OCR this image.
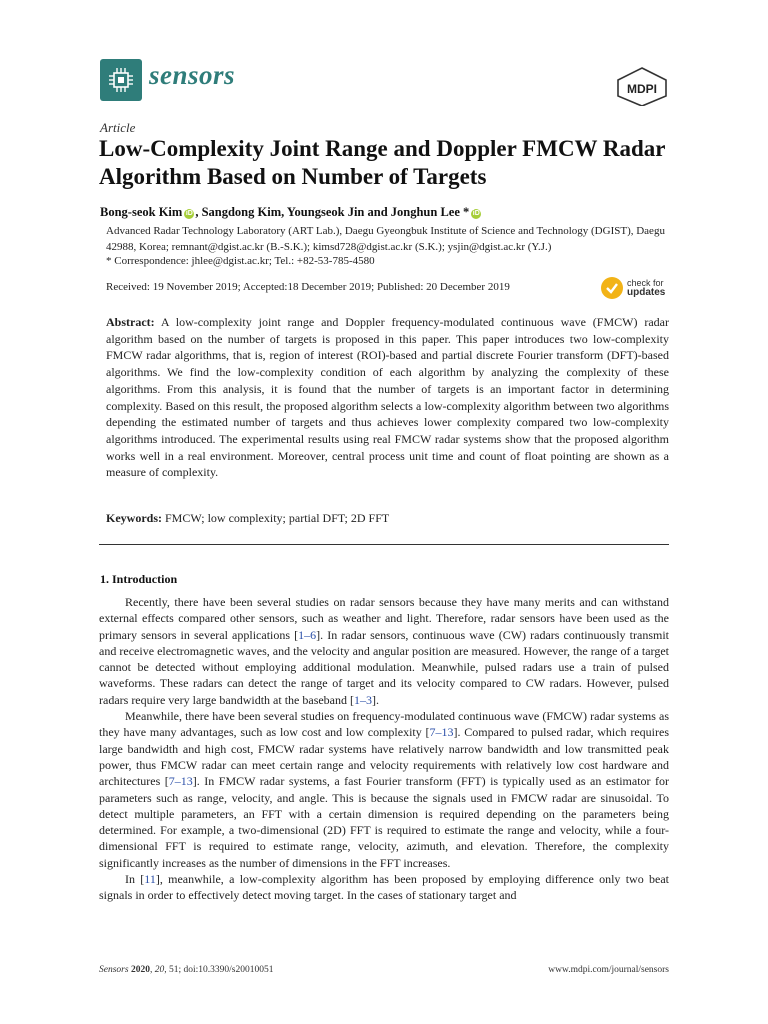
sensors	MDPI
Article
Low-Complexity Joint Range and Doppler FMCW Radar Algorithm Based on Number of Targets
Bong-seok Kim iD , Sangdong Kim, Youngseok Jin and Jonghun Lee * iD
Advanced Radar Technology Laboratory (ART Lab.), Daegu Gyeongbuk Institute of Science and Technology (DGIST), Daegu 42988, Korea; remnant@dgist.ac.kr (B.-S.K.); kimsd728@dgist.ac.kr (S.K.); ysjin@dgist.ac.kr (Y.J.)
* Correspondence: jhlee@dgist.ac.kr; Tel.: +82-53-785-4580
Received: 19 November 2019; Accepted:18 December 2019; Published: 20 December 2019	check for
updates
Abstract: A low-complexity joint range and Doppler frequency-modulated continuous wave (FMCW) radar algorithm based on the number of targets is proposed in this paper. This paper introduces two low-complexity FMCW radar algorithms, that is, region of interest (ROI)-based and partial discrete Fourier transform (DFT)-based algorithms. We find the low-complexity condition of each algorithm by analyzing the complexity of these algorithms. From this analysis, it is found that the number of targets is an important factor in determining complexity. Based on this result, the proposed algorithm selects a low-complexity algorithm between two algorithms depending the estimated number of targets and thus achieves lower complexity compared two low-complexity algorithms introduced. The experimental results using real FMCW radar systems show that the proposed algorithm works well in a real environment. Moreover, central process unit time and count of float pointing are shown as a measure of complexity.
Keywords: FMCW; low complexity; partial DFT; 2D FFT
1. Introduction

Recently, there have been several studies on radar sensors because they have many merits and can withstand external effects compared other sensors, such as weather and light. Therefore, radar sensors have been used as the primary sensors in several applications [1–6]. In radar sensors, continuous wave (CW) radars continuously transmit and receive electromagnetic waves, and the velocity and angular position are measured. However, the range of a target cannot be detected without employing additional modulation. Meanwhile, pulsed radars use a train of pulsed waveforms. These radars can detect the range of target and its velocity compared to CW radars. However, pulsed radars require very large bandwidth at the baseband [1–3].

Meanwhile, there have been several studies on frequency-modulated continuous wave (FMCW) radar systems as they have many advantages, such as low cost and low complexity [7–13]. Compared to pulsed radar, which requires large bandwidth and high cost, FMCW radar systems have relatively narrow bandwidth and low transmitted peak power, thus FMCW radar can meet certain range and velocity requirements with relatively low cost hardware and architectures [7–13]. In FMCW radar systems, a fast Fourier transform (FFT) is typically used as an estimator for parameters such as range, velocity, and angle. This is because the signals used in FMCW radar are sinusoidal. To detect multiple parameters, an FFT with a certain dimension is required depending on the parameters being determined. For example, a two-dimensional (2D) FFT is required to estimate the range and velocity, while a four-dimensional FFT is required to estimate range, velocity, azimuth, and elevation. Therefore, the complexity significantly increases as the number of dimensions in the FFT increases.

In [11], meanwhile, a low-complexity algorithm has been proposed by employing difference only two beat signals in order to effectively detect moving target. In the cases of stationary target and

Sensors 2020, 20, 51; doi:10.3390/s20010051	www.mdpi.com/journal/sensors
